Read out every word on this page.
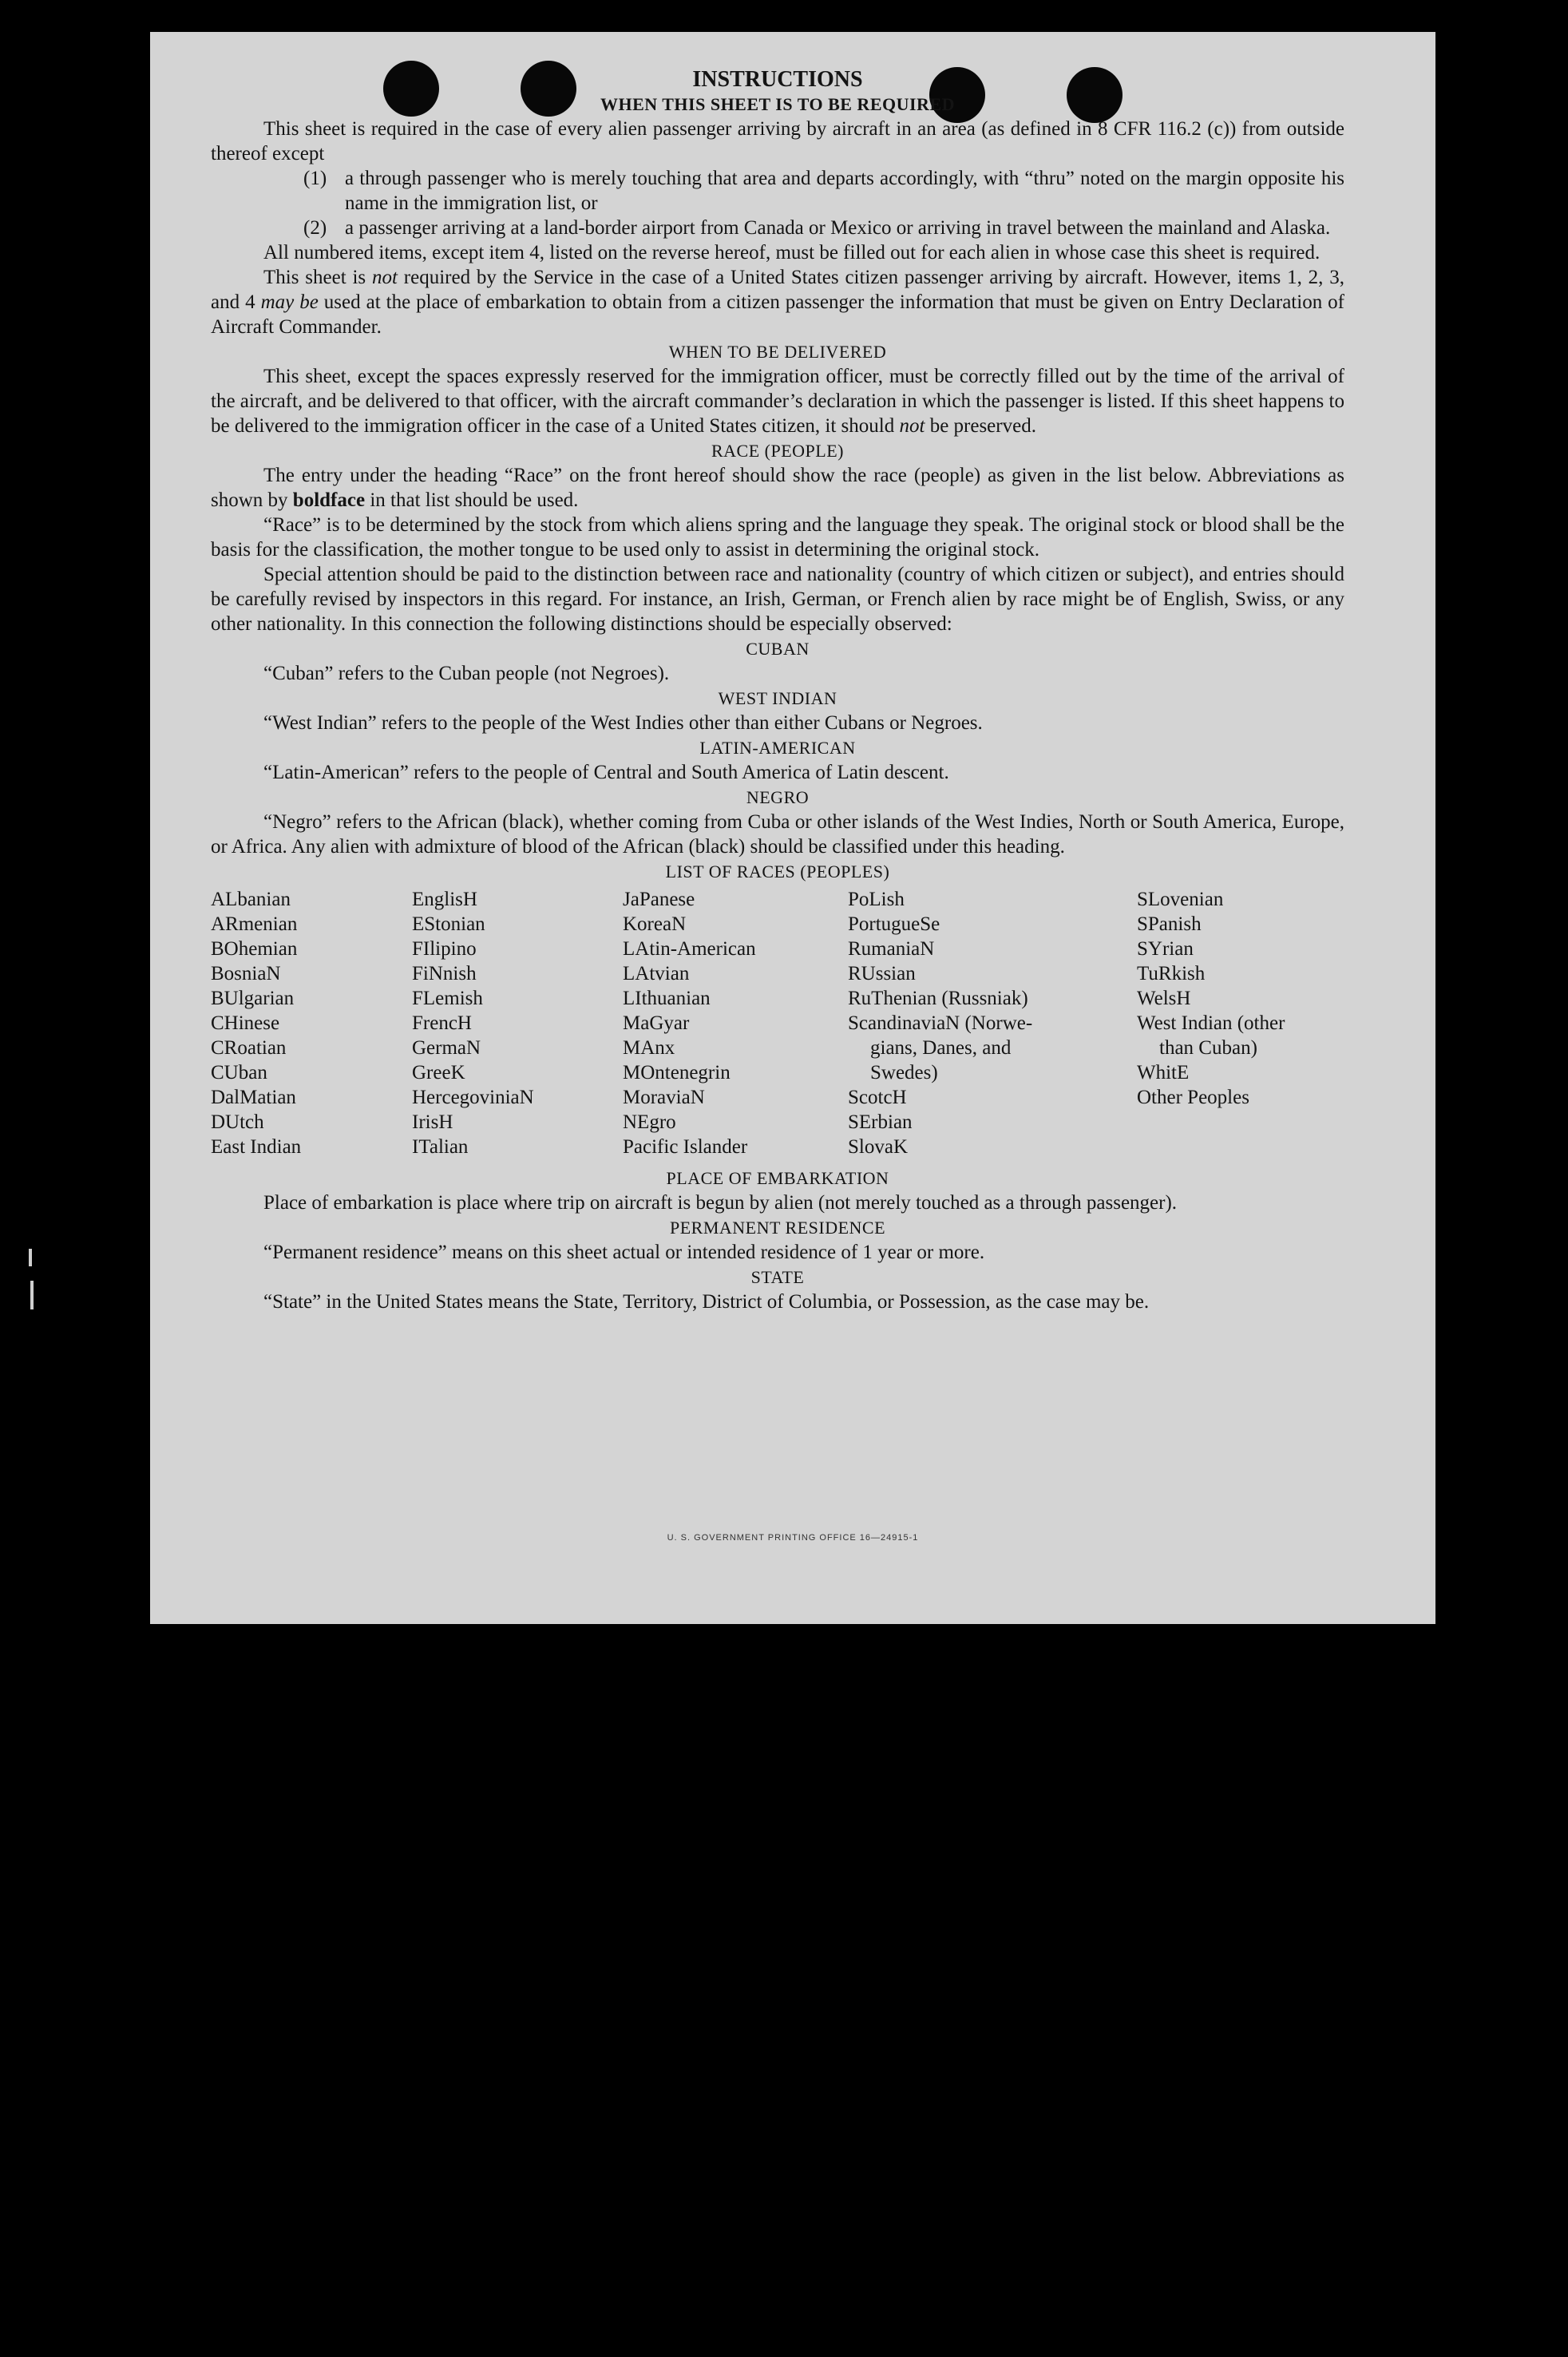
INSTRUCTIONS
WHEN THIS SHEET IS TO BE REQUIRED

This sheet is required in the case of every alien passenger arriving by aircraft in an area (as defined in 8 CFR 116.2 (c)) from outside thereof except

(1) a through passenger who is merely touching that area and departs accordingly, with “thru” noted on the margin opposite his name in the immigration list, or
(2) a passenger arriving at a land-border airport from Canada or Mexico or arriving in travel between the mainland and Alaska.

All numbered items, except item 4, listed on the reverse hereof, must be filled out for each alien in whose case this sheet is required.

This sheet is not required by the Service in the case of a United States citizen passenger arriving by aircraft. However, items 1, 2, 3, and 4 may be used at the place of embarkation to obtain from a citizen passenger the information that must be given on Entry Declaration of Aircraft Commander.

WHEN TO BE DELIVERED

This sheet, except the spaces expressly reserved for the immigration officer, must be correctly filled out by the time of the arrival of the aircraft, and be delivered to that officer, with the aircraft commander’s declaration in which the passenger is listed. If this sheet happens to be delivered to the immigration officer in the case of a United States citizen, it should not be preserved.

RACE (PEOPLE)

The entry under the heading “Race” on the front hereof should show the race (people) as given in the list below. Abbreviations as shown by boldface in that list should be used.

“Race” is to be determined by the stock from which aliens spring and the language they speak. The original stock or blood shall be the basis for the classification, the mother tongue to be used only to assist in determining the original stock.

Special attention should be paid to the distinction between race and nationality (country of which citizen or subject), and entries should be carefully revised by inspectors in this regard. For instance, an Irish, German, or French alien by race might be of English, Swiss, or any other nationality. In this connection the following distinctions should be especially observed:

CUBAN

“Cuban” refers to the Cuban people (not Negroes).

WEST INDIAN

“West Indian” refers to the people of the West Indies other than either Cubans or Negroes.

LATIN-AMERICAN

“Latin-American” refers to the people of Central and South America of Latin descent.

NEGRO

“Negro” refers to the African (black), whether coming from Cuba or other islands of the West Indies, North or South America, Europe, or Africa. Any alien with admixture of blood of the African (black) should be classified under this heading.

LIST OF RACES (PEOPLES)
ALbanian
ARmenian
BOhemian
BosniaN
BUlgarian
CHinese
CRoatian
CUban
DalMatian
DUtch
East Indian
EnglisH
EStonian
FIlipino
FiNnish
FLemish
FrencH
GermaN
GreeK
HercegoviniaN
IrisH
ITalian
JaPanese
KoreaN
LAtin-American
LAtvian
LIthuanian
MaGyar
MAnx
MOntenegrin
MoraviaN
NEgro
Pacific Islander
PoLish
PortugueSe
RumaniaN
RUssian
RuThenian (Russniak)
ScandinaviaN (Norwe-
gians, Danes, and
Swedes)
ScotcH
SErbian
SlovaK
SLovenian
SPanish
SYrian
TuRkish
WelsH
West Indian (other
than Cuban)
WhitE
Other Peoples
PLACE OF EMBARKATION

Place of embarkation is place where trip on aircraft is begun by alien (not merely touched as a through passenger).

PERMANENT RESIDENCE

“Permanent residence” means on this sheet actual or intended residence of 1 year or more.

STATE

“State” in the United States means the State, Territory, District of Columbia, or Possession, as the case may be.

U. S. GOVERNMENT PRINTING OFFICE 16—24915-1
